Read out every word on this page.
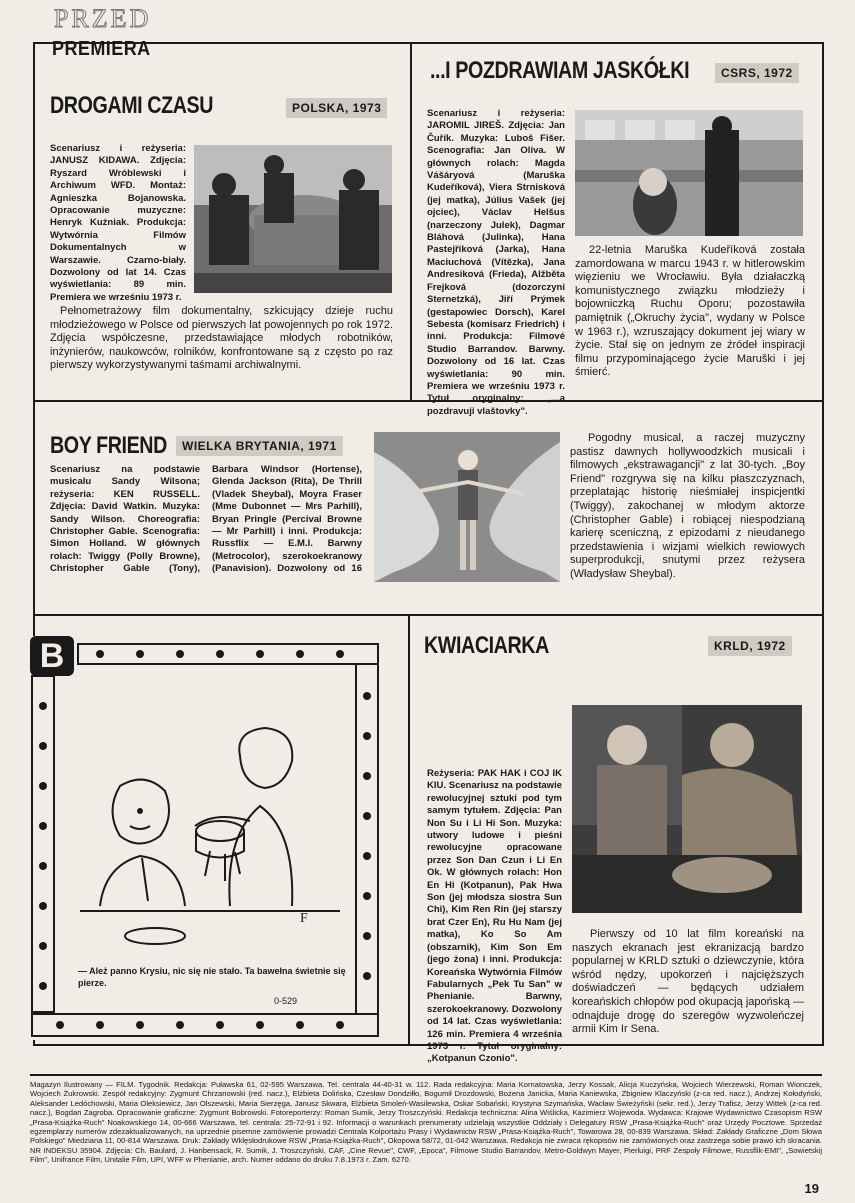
PRZED
PREMIERA
DROGAMI CZASU	POLSKA, 1973
Scenariusz i reżyseria: JANUSZ KIDAWA. Zdjęcia: Ryszard Wróblewski i Archiwum WFD. Montaż: Agnieszka Bojanowska. Opracowanie muzyczne: Henryk Kuźniak. Produkcja: Wytwórnia Filmów Dokumentalnych w Warszawie. Czarno-biały. Dozwolony od lat 14. Czas wyświetlania: 89 min. Premiera we wrześniu 1973 r.
Pełnometrażowy film dokumentalny, szkicujący dzieje ruchu młodzieżowego w Polsce od pierwszych lat powojennych po rok 1972. Zdjęcia współczesne, przedstawiające młodych robotników, inżynierów, naukowców, rolników, konfrontowane są z często po raz pierwszy wykorzystywanymi taśmami archiwalnymi.
...I POZDRAWIAM JASKÓŁKI	CSRS, 1972
Scenariusz i reżyseria: JAROMIL JIREŠ. Zdjęcia: Jan Čuřík. Muzyka: Luboš Fišer. Scenografia: Jan Oliva. W głównych rolach: Magda Vášáryová (Maruška Kudeříková), Viera Strnisková (jej matka), Július Vašek (jej ojciec), Václav Helšus (narzeczony Julek), Dagmar Bláhová (Julinka), Hana Pastejříková (Jarka), Hana Maciuchová (Vítězka), Jana Andresiková (Frieda), Alžběta Frejková (dozorczyni Sternetzká), Jiří Prýmek (gestapowiec Dorsch), Karel Sebesta (komisarz Friedrich) i inni. Produkcja: Filmové Studio Barrandov. Barwny. Dozwolony od 16 lat. Czas wyświetlania: 90 min. Premiera we wrześniu 1973 r. Tytuł oryginalny: „...a pozdravuji vlaštovky".
22-letnia Maruška Kudeříková została zamordowana w marcu 1943 r. w hitlerowskim więzieniu we Wrocławiu. Była działaczką komunistycznego związku młodzieży i bojowniczką Ruchu Oporu; pozostawiła pamiętnik („Okruchy życia", wydany w Polsce w 1963 r.), wzruszający dokument jej wiary w życie. Stał się on jednym ze źródeł inspiracji filmu przypominającego życie Maruški i jej śmierć.
BOY FRIEND	WIELKA BRYTANIA, 1971
Scenariusz na podstawie musicalu Sandy Wilsona; reżyseria: KEN RUSSELL. Zdjęcia: David Watkin. Muzyka: Sandy Wilson. Choreografia: Christopher Gable. Scenografia: Simon Holland. W głównych rolach: Twiggy (Polly Browne), Christopher Gable (Tony), Barbara Windsor (Hortense), Glenda Jackson (Rita), De Thrill (Vladek Sheybal), Moyra Fraser (Mme Dubonnet — Mrs Parhill), Bryan Pringle (Percival Browne — Mr Parhill) i inni. Produkcja: Russflix — E.M.I. Barwny (Metrocolor), szerokoekranowy (Panavision). Dozwolony od 16
Pogodny musical, a raczej muzyczny pastisz dawnych hollywoodzkich musicali i filmowych „ekstrawagancji" z lat 30-tych. „Boy Friend" rozgrywa się na kilku płaszczyznach, przeplatając historię nieśmiałej inspicjentki (Twiggy), zakochanej w młodym aktorze (Christopher Gable) i robiącej niespodzianą karierę sceniczną, z epizodami z nieudanego przedstawienia i wizjami wielkich rewiowych superprodukcji, snutymi przez reżysera (Władysław Sheybal).
F
B
— Ależ panno Krysiu, nic się nie stało. Ta bawełna świetnie się pierze.
0-529
KWIACIARKA	KRLD, 1972
Reżyseria: PAK HAK i COJ IK KIU. Scenariusz na podstawie rewolucyjnej sztuki pod tym samym tytułem. Zdjęcia: Pan Non Su i Li Hi Son. Muzyka: utwory ludowe i pieśni rewolucyjne opracowane przez Son Dan Czun i Li En Ok. W głównych rolach: Hon En Hi (Kotpanun), Pak Hwa Son (jej młodsza siostra Sun Chi), Kim Ren Rin (jej starszy brat Czer En), Ru Hu Nam (jej matka), Ko So Am (obszarnik), Kim Son Em (jego żona) i inni. Produkcja: Koreańska Wytwórnia Filmów Fabularnych „Pek Tu San" w Phenianie. Barwny, szerokoekranowy. Dozwolony od 14 lat. Czas wyświetlania: 126 min. Premiera 4 września 1973 r. Tytuł oryginalny: „Kotpanun Czonio".
Pierwszy od 10 lat film koreański na naszych ekranach jest ekranizacją bardzo popularnej w KRLD sztuki o dziewczynie, która wśród nędzy, upokorzeń i najcięższych doświadczeń — będących udziałem koreańskich chłopów pod okupacją japońską — odnajduje drogę do szeregów wyzwoleńczej armii Kim Ir Sena.
Magazyn Ilustrowany — FILM. Tygodnik. Redakcja: Puławska 61, 02-595 Warszawa. Tel. centrala 44-40-31 w. 112. Rada redakcyjna: Maria Kornatowska, Jerzy Kossak, Alicja Kuczyńska, Wojciech Wierzewski, Roman Wionczek, Wojciech Żukrowski. Zespół redakcyjny: Zygmunt Chrzanowski (red. nacz.), Elżbieta Dolińska, Czesław Dondziłło, Bogumił Drozdowski, Bożena Janicka, Maria Kaniewska, Zbigniew Klaczyński (z-ca red. nacz.), Andrzej Kołodyński, Aleksander Ledóchowski, Maria Oleksiewicz, Jan Olszewski, Maria Sierzęga, Janusz Skwara, Elżbieta Smoleń-Wasilewska, Oskar Sobański, Krystyna Szymańska, Wacław Świeżyński (sekr. red.), Jerzy Trafisz, Jerzy Wittek (z-ca red. nacz.), Bogdan Zagroba. Opracowanie graficzne: Zygmunt Bobrowski. Fotoreporterzy: Roman Sumik, Jerzy Troszczyński. Redakcja techniczna: Alina Wiślicka, Kazimierz Wojewoda. Wydawca: Krajowe Wydawnictwo Czasopism RSW „Prasa-Książka-Ruch" Noakowskiego 14, 00-666 Warszawa, tel. centrala: 25-72-91 i 92. Informacji o warunkach prenumeraty udzielają wszystkie Oddziały i Delegatury RSW „Prasa-Książka-Ruch" oraz Urzędy Pocztowe. Sprzedaż egzemplarzy numerów zdezaktualizowanych, na uprzednie pisemne zamówienie prowadzi Centrala Kolportażu Prasy i Wydawnictw RSW „Prasa-Książka-Ruch", Towarowa 28, 00-839 Warszawa. Skład: Zakłady Graficzne „Dom Słowa Polskiego" Miedziana 11, 00-814 Warszawa. Druk: Zakłady Wklęsłodrukowe RSW „Prasa-Książka-Ruch", Okopowa 58/72, 01-042 Warszawa. Redakcja nie zwraca rękopisów nie zamówionych oraz zastrzega sobie prawo ich skracania. NR INDEKSU 35904. Zdjęcia: Ch. Baulard, J. Hanbensack, R. Sumik, J. Troszczyński, CAF, „Cine Revue", CWF, „Epoca", Filmowe Studio Barrandov, Metro-Goldwyn Mayer, Pierluigi, PRF Zespoły Filmowe, Russflik-EMI", „Sowietskij Film", Unifrance Film, Unitalie Film, UPI, WFF w Phenianie, arch. Numer oddano do druku 7.8.1973 r. Zam. 6270.
19
